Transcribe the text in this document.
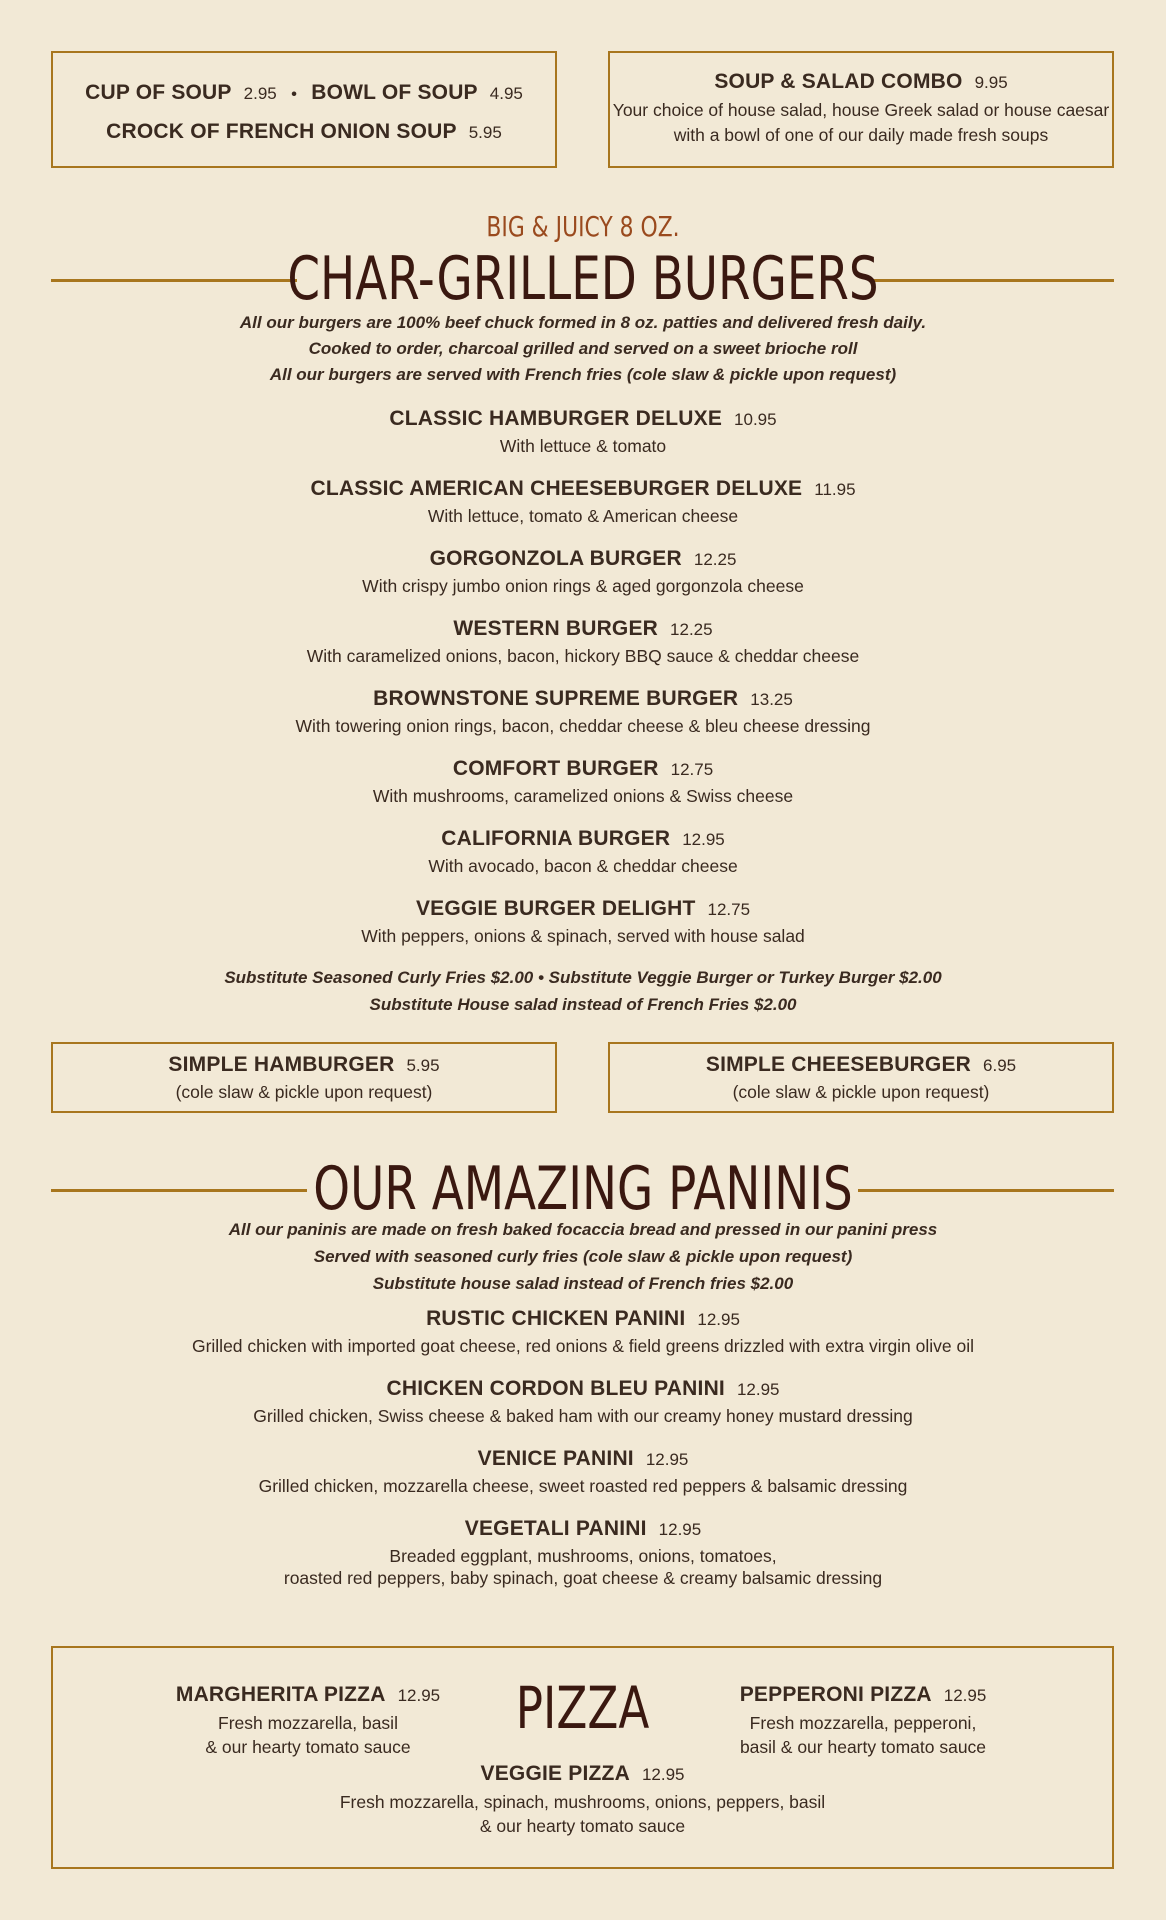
CUP OF SOUP 2.95 • BOWL OF SOUP 4.95
CROCK OF FRENCH ONION SOUP 5.95
SOUP & SALAD COMBO 9.95
Your choice of house salad, house Greek salad or house caesar
with a bowl of one of our daily made fresh soups
BIG & JUICY 8 OZ.
CHAR-GRILLED BURGERS
All our burgers are 100% beef chuck formed in 8 oz. patties and delivered fresh daily.
Cooked to order, charcoal grilled and served on a sweet brioche roll
All our burgers are served with French fries (cole slaw & pickle upon request)
CLASSIC HAMBURGER DELUXE 10.95
With lettuce & tomato
CLASSIC AMERICAN CHEESEBURGER DELUXE 11.95
With lettuce, tomato & American cheese
GORGONZOLA BURGER 12.25
With crispy jumbo onion rings & aged gorgonzola cheese
WESTERN BURGER 12.25
With caramelized onions, bacon, hickory BBQ sauce & cheddar cheese
BROWNSTONE SUPREME BURGER 13.25
With towering onion rings, bacon, cheddar cheese & bleu cheese dressing
COMFORT BURGER 12.75
With mushrooms, caramelized onions & Swiss cheese
CALIFORNIA BURGER 12.95
With avocado, bacon & cheddar cheese
VEGGIE BURGER DELIGHT 12.75
With peppers, onions & spinach, served with house salad
Substitute Seasoned Curly Fries $2.00 • Substitute Veggie Burger or Turkey Burger $2.00
Substitute House salad instead of French Fries $2.00
SIMPLE HAMBURGER 5.95
(cole slaw & pickle upon request)
SIMPLE CHEESEBURGER 6.95
(cole slaw & pickle upon request)
OUR AMAZING PANINIS
All our paninis are made on fresh baked focaccia bread and pressed in our panini press
Served with seasoned curly fries (cole slaw & pickle upon request)
Substitute house salad instead of French fries $2.00
RUSTIC CHICKEN PANINI 12.95
Grilled chicken with imported goat cheese, red onions & field greens drizzled with extra virgin olive oil
CHICKEN CORDON BLEU PANINI 12.95
Grilled chicken, Swiss cheese & baked ham with our creamy honey mustard dressing
VENICE PANINI 12.95
Grilled chicken, mozzarella cheese, sweet roasted red peppers & balsamic dressing
VEGETALI PANINI 12.95
Breaded eggplant, mushrooms, onions, tomatoes,
roasted red peppers, baby spinach, goat cheese & creamy balsamic dressing
PIZZA
MARGHERITA PIZZA 12.95
Fresh mozzarella, basil
& our hearty tomato sauce
PEPPERONI PIZZA 12.95
Fresh mozzarella, pepperoni,
basil & our hearty tomato sauce
VEGGIE PIZZA 12.95
Fresh mozzarella, spinach, mushrooms, onions, peppers, basil
& our hearty tomato sauce
